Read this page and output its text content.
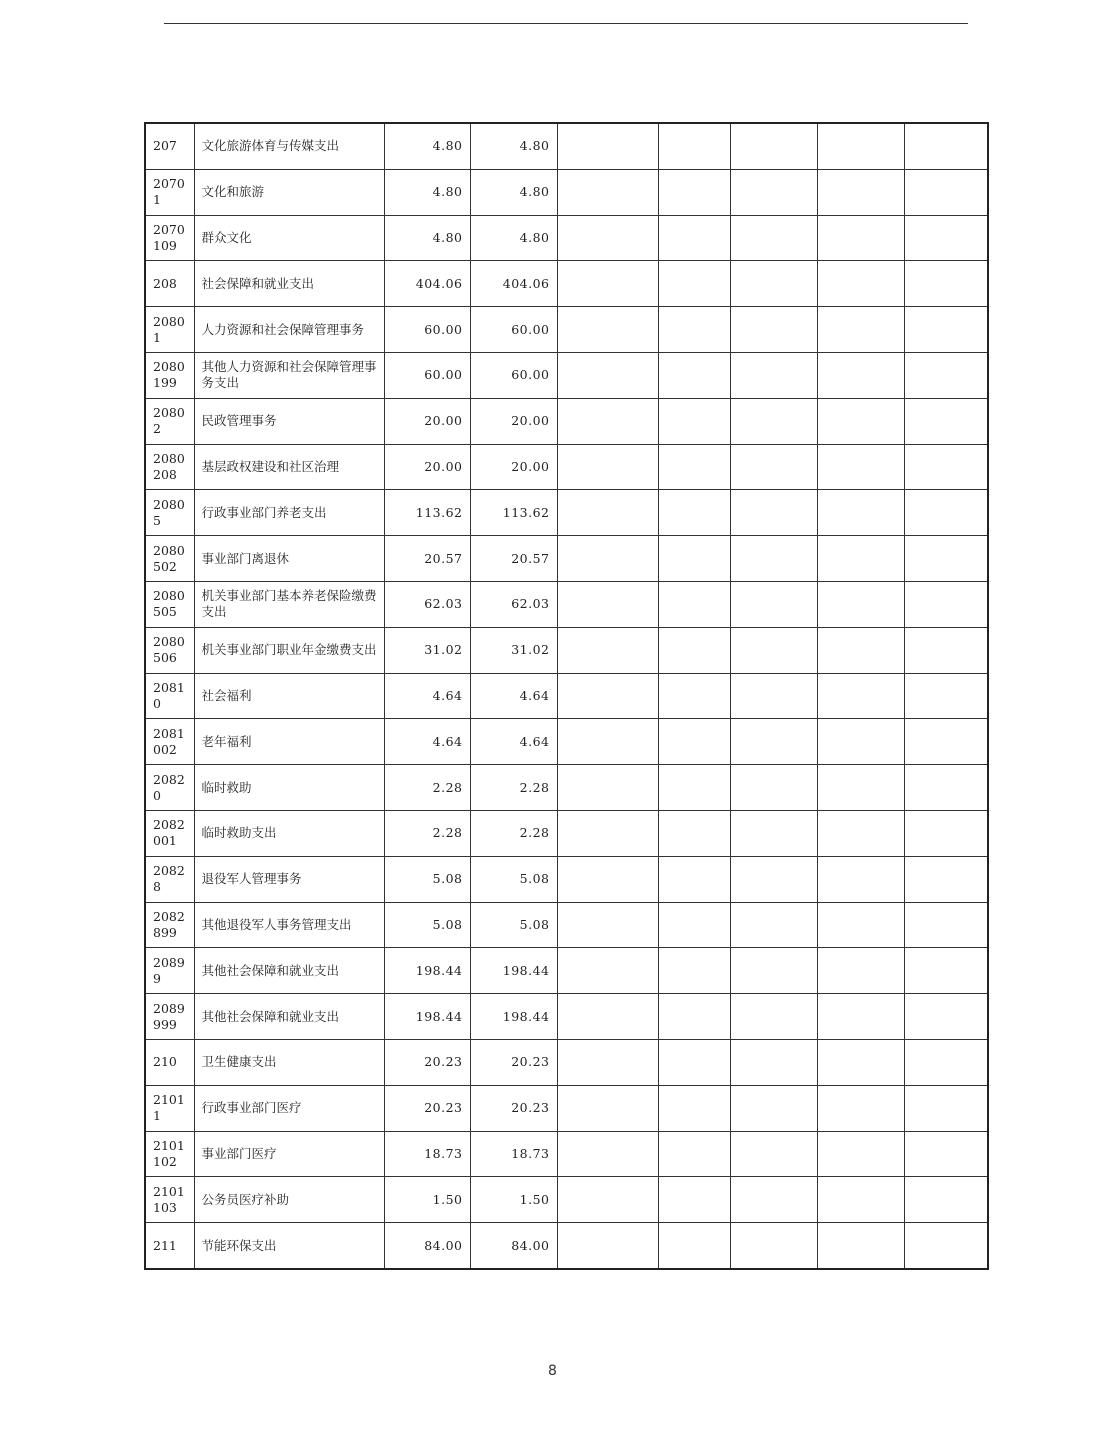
207	文化旅游体育与传媒支出	4.80	4.80					
20701	文化和旅游	4.80	4.80					
2070109	群众文化	4.80	4.80					
208	社会保障和就业支出	404.06	404.06					
20801	人力资源和社会保障管理事务	60.00	60.00					
2080199	其他人力资源和社会保障管理事务支出	60.00	60.00					
20802	民政管理事务	20.00	20.00					
2080208	基层政权建设和社区治理	20.00	20.00					
20805	行政事业部门养老支出	113.62	113.62					
2080502	事业部门离退休	20.57	20.57					
2080505	机关事业部门基本养老保险缴费支出	62.03	62.03					
2080506	机关事业部门职业年金缴费支出	31.02	31.02					
20810	社会福利	4.64	4.64					
2081002	老年福利	4.64	4.64					
20820	临时救助	2.28	2.28					
2082001	临时救助支出	2.28	2.28					
20828	退役军人管理事务	5.08	5.08					
2082899	其他退役军人事务管理支出	5.08	5.08					
20899	其他社会保障和就业支出	198.44	198.44					
2089999	其他社会保障和就业支出	198.44	198.44					
210	卫生健康支出	20.23	20.23					
21011	行政事业部门医疗	20.23	20.23					
2101102	事业部门医疗	18.73	18.73					
2101103	公务员医疗补助	1.50	1.50					
211	节能环保支出	84.00	84.00					
8
